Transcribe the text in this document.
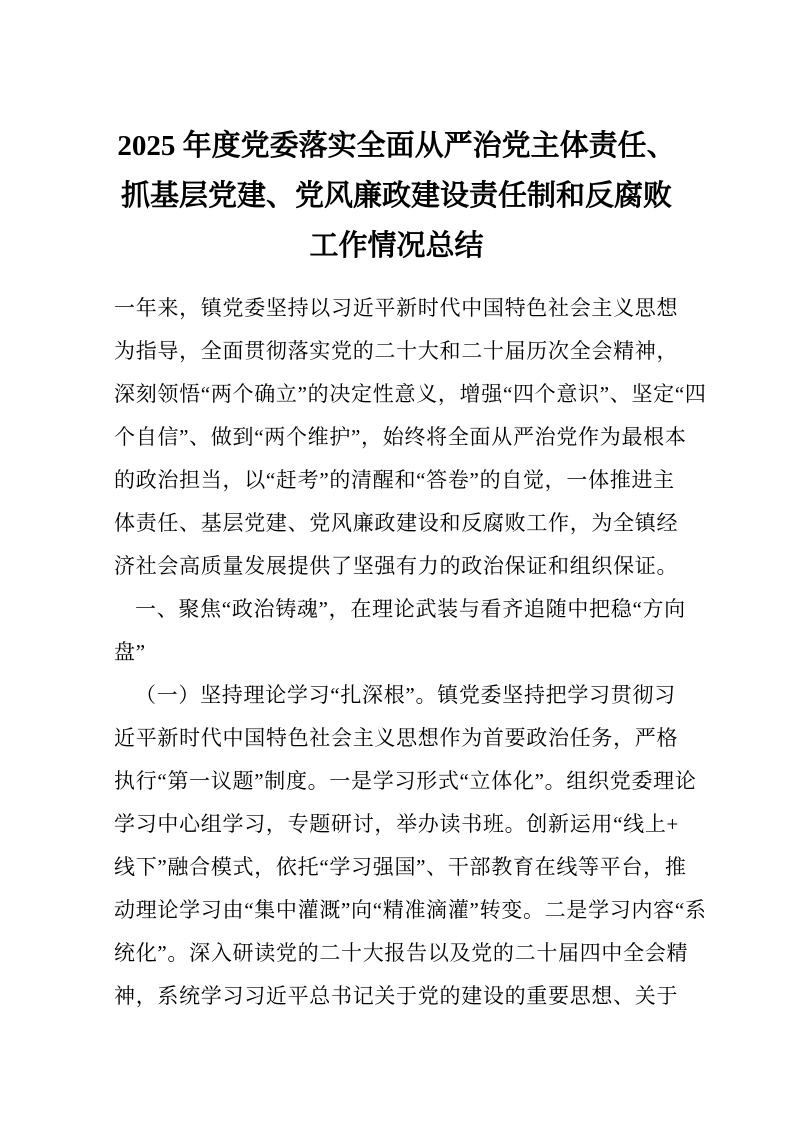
2025 年度党委落实全面从严治党主体责任、
抓基层党建、党风廉政建设责任制和反腐败
工作情况总结
一年来，镇党委坚持以习近平新时代中国特色社会主义思想
为指导，全面贯彻落实党的二十大和二十届历次全会精神，
深刻领悟“两个确立”的决定性意义，增强“四个意识”、坚定“四
个自信”、做到“两个维护”，始终将全面从严治党作为最根本
的政治担当，以“赶考”的清醒和“答卷”的自觉，一体推进主
体责任、基层党建、党风廉政建设和反腐败工作，为全镇经
济社会高质量发展提供了坚强有力的政治保证和组织保证。
一、聚焦“政治铸魂”，在理论武装与看齐追随中把稳“方向
盘”
（一）坚持理论学习“扎深根”。镇党委坚持把学习贯彻习
近平新时代中国特色社会主义思想作为首要政治任务，严格
执行“第一议题”制度。一是学习形式“立体化”。组织党委理论
学习中心组学习，专题研讨，举办读书班。创新运用“线上+
线下”融合模式，依托“学习强国”、干部教育在线等平台，推
动理论学习由“集中灌溉”向“精准滴灌”转变。二是学习内容“系
统化”。深入研读党的二十大报告以及党的二十届四中全会精
神，系统学习习近平总书记关于党的建设的重要思想、关于
